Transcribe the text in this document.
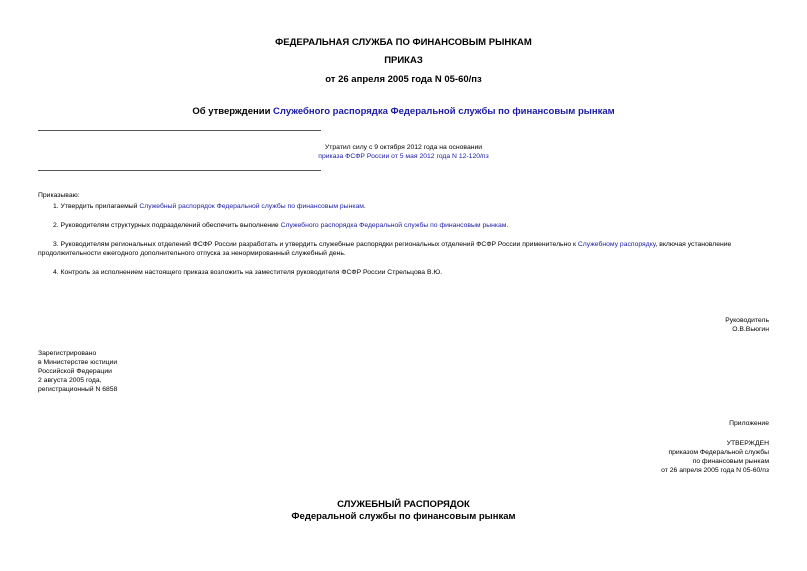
ФЕДЕРАЛЬНАЯ СЛУЖБА ПО ФИНАНСОВЫМ РЫНКАМ
ПРИКАЗ
от 26 апреля 2005 года N 05-60/пз
Об утверждении Служебного распорядка Федеральной службы по финансовым рынкам

Утратил силу с 9 октября 2012 года на основании

приказа ФСФР России от 5 мая 2012 года N 12-120/пз

Приказываю:

1. Утвердить прилагаемый Служебный распорядок Федеральной службы по финансовым рынкам.

2. Руководителям структурных подразделений обеспечить выполнение Служебного распорядка Федеральной службы по финансовым рынкам.

3. Руководителям региональных отделений ФСФР России разработать и утвердить служебные распорядки региональных отделений ФСФР России применительно к Служебному распорядку, включая установление продолжительности ежегодного дополнительного отпуска за ненормированный служебный день.

4. Контроль за исполнением настоящего приказа возложить на заместителя руководителя ФСФР России Стрельцова В.Ю.

Руководитель

О.В.Вьюгин

Зарегистрировано

в Министерстве юстиции

Российской Федерации

2 августа 2005 года,

регистрационный N 6858

Приложение

УТВЕРЖДЕН

приказом Федеральной службы

по финансовым рынкам

от 26 апреля 2005 года N 05-60/пз

СЛУЖЕБНЫЙ РАСПОРЯДОК
Федеральной службы по финансовым рынкам
